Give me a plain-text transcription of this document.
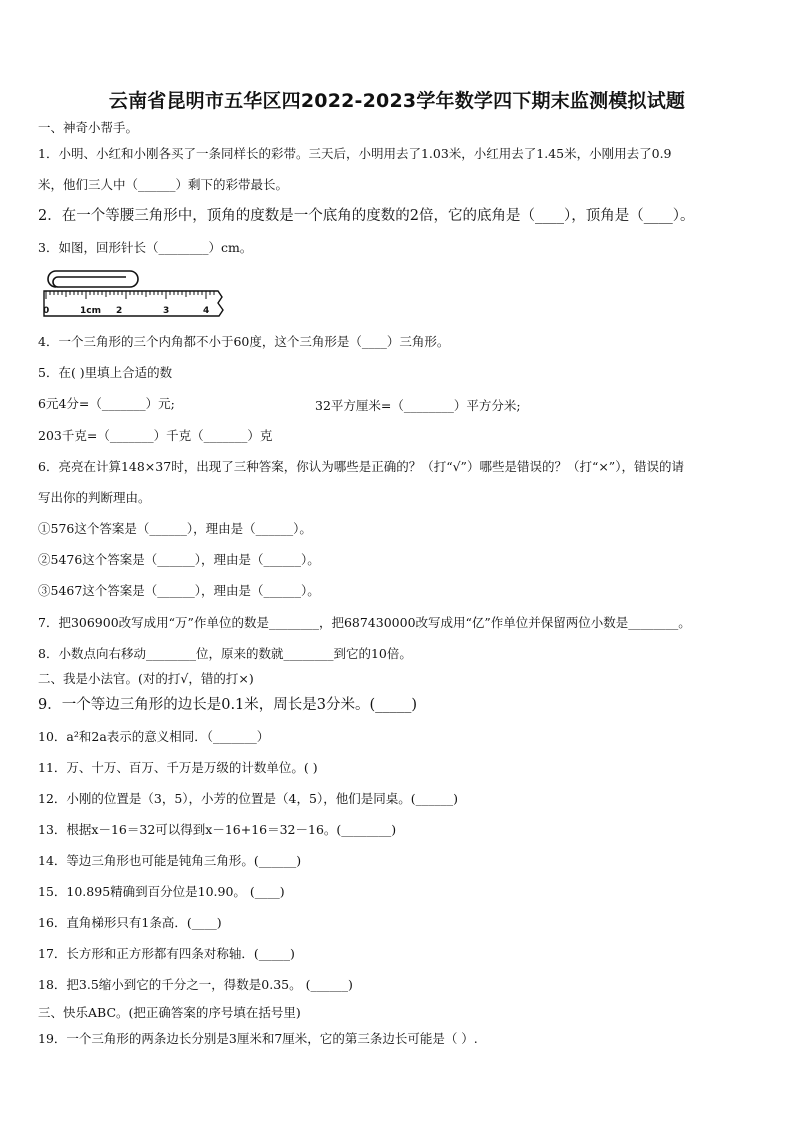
云南省昆明市五华区四2022-2023学年数学四下期末监测模拟试题
一、神奇小帮手。
1．小明、小红和小刚各买了一条同样长的彩带。三天后，小明用去了1.03米，小红用去了1.45米，小刚用去了0.9
米，他们三人中（______）剩下的彩带最长。
2．在一个等腰三角形中，顶角的度数是一个底角的度数的2倍，它的底角是（____），顶角是（____）。
3．如图，回形针长（________）cm。
0	1cm 2	3	4
4．一个三角形的三个内角都不小于60度，这个三角形是（____）三角形。
5．在( )里填上合适的数
6元4分=（_______）元;	32平方厘米=（________）平方分米;
203千克=（_______）千克（_______）克
6．亮亮在计算148×37时，出现了三种答案，你认为哪些是正确的？（打“√”）哪些是错误的？（打“×”），错误的请
写出你的判断理由。
①576这个答案是（______），理由是（______）。
②5476这个答案是（______），理由是（______）。
③5467这个答案是（______），理由是（______）。
7．把306900改写成用“万”作单位的数是________，把687430000改写成用“亿”作单位并保留两位小数是________。
8．小数点向右移动________位，原来的数就________到它的10倍。
二、我是小法官。(对的打√，错的打×)
9．一个等边三角形的边长是0.1米，周长是3分米。(_____)
10．a²和2a表示的意义相同．（_______）
11．万、十万、百万、千万是万级的计数单位。( )
12．小刚的位置是（3，5），小芳的位置是（4，5），他们是同桌。(______)
13．根据x－16＝32可以得到x－16+16＝32－16。(________)
14．等边三角形也可能是钝角三角形。(______)
15．10.895精确到百分位是10.90。 (____)
16．直角梯形只有1条高．(____)
17．长方形和正方形都有四条对称轴．(_____)
18．把3.5缩小到它的千分之一，得数是0.35。 (______)
三、快乐ABC。(把正确答案的序号填在括号里)
19．一个三角形的两条边长分别是3厘米和7厘米，它的第三条边长可能是（ ）.
